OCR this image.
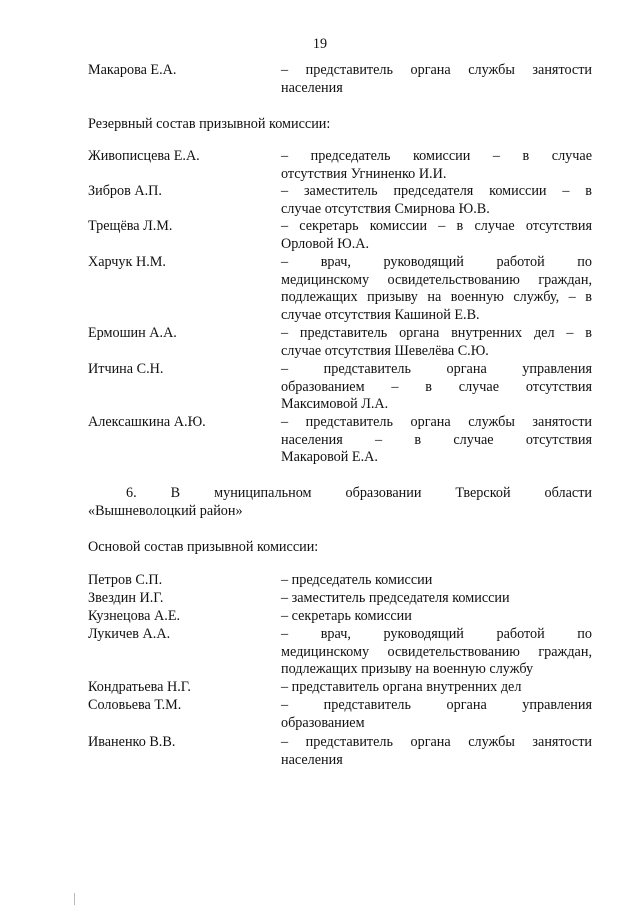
19
Макарова Е.А.	– представитель органа службы занятости
населения
Резервный состав призывной комиссии:
Живописцева Е.А.	– председатель комиссии – в случае
отсутствия Угниненко И.И.
Зибров А.П.	– заместитель председателя комиссии – в
случае отсутствия Смирнова Ю.В.
Трещёва Л.М.	– секретарь комиссии – в случае отсутствия
Орловой Ю.А.
Харчук Н.М.	– врач, руководящий работой по
медицинскому освидетельствованию граждан,
подлежащих призыву на военную службу, – в
случае отсутствия Кашиной Е.В.
Ермошин А.А.	– представитель органа внутренних дел – в
случае отсутствия Шевелёва С.Ю.
Итчина С.Н.	– представитель органа управления
образованием – в случае отсутствия
Максимовой Л.А.
Алексашкина А.Ю.	– представитель органа службы занятости
населения – в случае отсутствия
Макаровой Е.А.
6. В муниципальном образовании Тверской области
«Вышневолоцкий район»
Основой состав призывной комиссии:
Петров С.П.	– председатель комиссии
Звездин И.Г.	– заместитель председателя комиссии
Кузнецова А.Е.	– секретарь комиссии
Лукичев А.А.	– врач, руководящий работой по
медицинскому освидетельствованию граждан,
подлежащих призыву на военную службу
Кондратьева Н.Г.	– представитель органа внутренних дел
Соловьева Т.М.	– представитель органа управления
образованием
Иваненко В.В.	– представитель органа службы занятости
населения
